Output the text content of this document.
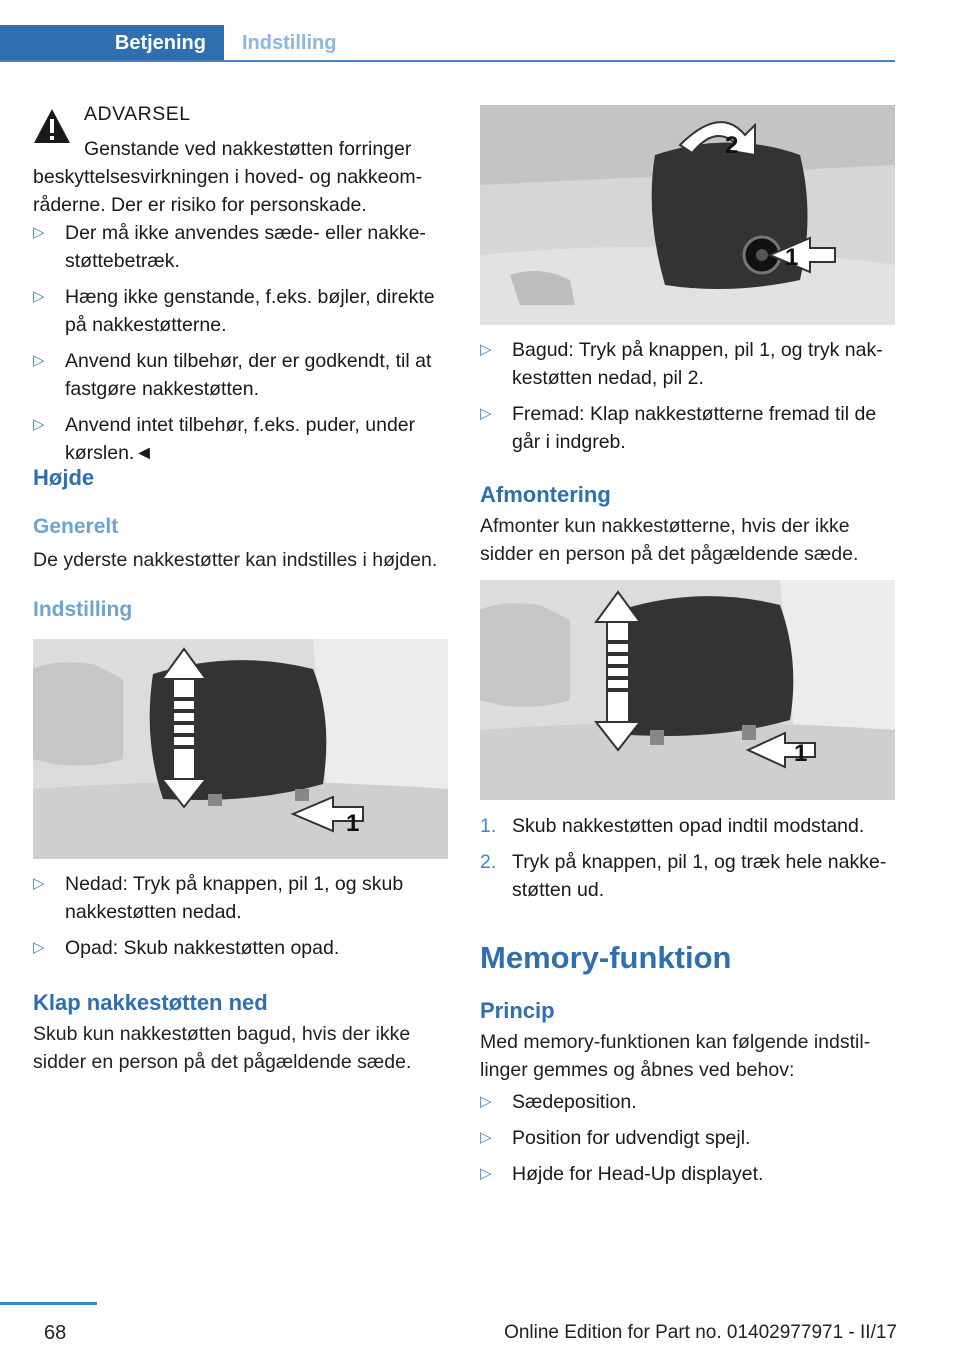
Betjening Indstilling
ADVARSEL
Genstande ved nakkestøtten forringer beskyttelsesvirkningen i hoved- og nakkeområderne. Der er risiko for personskade.
▷ Der må ikke anvendes sæde- eller nakkestøttebetræk.
▷ Hæng ikke genstande, f.eks. bøjler, direkte på nakkestøtterne.
▷ Anvend kun tilbehør, der er godkendt, til at fastgøre nakkestøtten.
▷ Anvend intet tilbehør, f.eks. puder, under kørslen.◄
Højde
Generelt
De yderste nakkestøtter kan indstilles i højden.
Indstilling
1
▷ Nedad: Tryk på knappen, pil 1, og skub nakkestøtten nedad.
▷ Opad: Skub nakkestøtten opad.
Klap nakkestøtten ned
Skub kun nakkestøtten bagud, hvis der ikke sidder en person på det pågældende sæde.
2
1
▷ Bagud: Tryk på knappen, pil 1, og tryk nakkestøtten nedad, pil 2.
▷ Fremad: Klap nakkestøtterne fremad til de går i indgreb.
Afmontering
Afmonter kun nakkestøtterne, hvis der ikke sidder en person på det pågældende sæde.
1
1. Skub nakkestøtten opad indtil modstand.
2. Tryk på knappen, pil 1, og træk hele nakkestøtten ud.
Memory-funktion
Princip
Med memory-funktionen kan følgende indstillinger gemmes og åbnes ved behov:
▷ Sædeposition.
▷ Position for udvendigt spejl.
▷ Højde for Head-Up displayet.
68	Online Edition for Part no. 01402977971 - II/17
